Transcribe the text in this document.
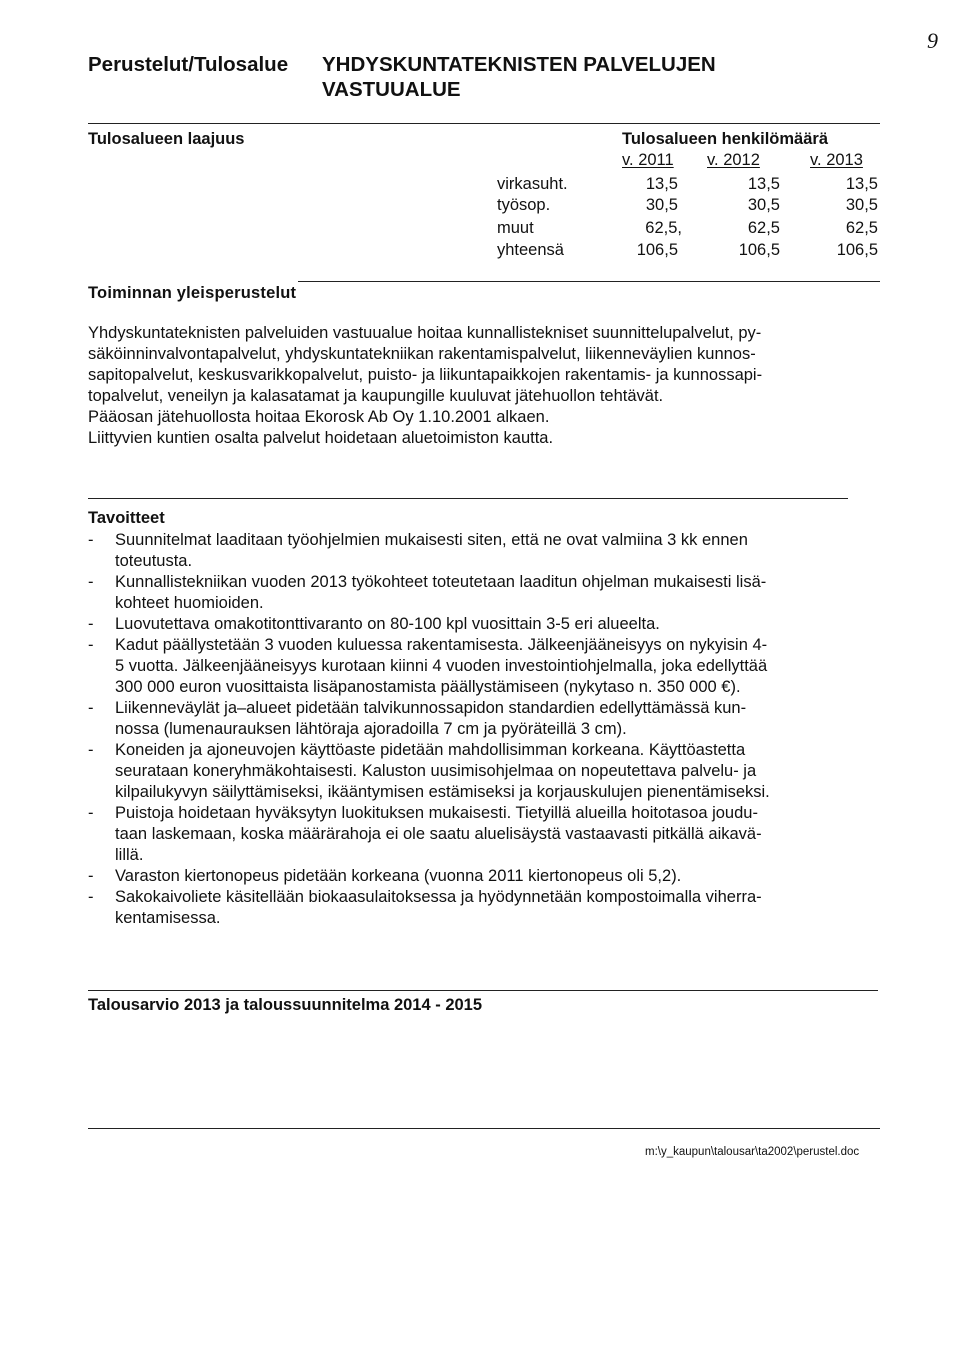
9
Perustelut/Tulosalue YHDYSKUNTATEKNISTEN PALVELUJEN
VASTUUALUE
Tulosalueen laajuus	Tulosalueen henkilömäärä
v. 2011 v. 2012	v. 2013
virkasuht.	13,5	13,5	13,5
työsop.	30,5	30,5	30,5
muut	62,5,	62,5	62,5
yhteensä	106,5	106,5	106,5
Toiminnan yleisperustelut
Yhdyskuntateknisten palveluiden vastuualue hoitaa kunnallistekniset suunnittelupalvelut, py-
säköinninvalvontapalvelut, yhdyskuntatekniikan rakentamispalvelut, liikenneväylien kunnos-
sapitopalvelut, keskusvarikkopalvelut, puisto- ja liikuntapaikkojen rakentamis- ja kunnossapi-
topalvelut, veneilyn ja kalasatamat ja kaupungille kuuluvat jätehuollon tehtävät.
Pääosan jätehuollosta hoitaa Ekorosk Ab Oy 1.10.2001 alkaen.
Liittyvien kuntien osalta palvelut hoidetaan aluetoimiston kautta.
Tavoitteet
-	Suunnitelmat laaditaan työohjelmien mukaisesti siten, että ne ovat valmiina 3 kk ennen
toteutusta.
-	Kunnallistekniikan vuoden 2013 työkohteet toteutetaan laaditun ohjelman mukaisesti lisä-
kohteet huomioiden.
-	Luovutettava omakotitonttivaranto on 80-100 kpl vuosittain 3-5 eri alueelta.
-	Kadut päällystetään 3 vuoden kuluessa rakentamisesta. Jälkeenjääneisyys on nykyisin 4-
5 vuotta. Jälkeenjääneisyys kurotaan kiinni 4 vuoden investointiohjelmalla, joka edellyttää
300 000 euron vuosittaista lisäpanostamista päällystämiseen (nykytaso n. 350 000 €).
-	Liikenneväylät ja–alueet pidetään talvikunnossapidon standardien edellyttämässä kun-
nossa (lumenaurauksen lähtöraja ajoradoilla 7 cm ja pyöräteillä 3 cm).
-	Koneiden ja ajoneuvojen käyttöaste pidetään mahdollisimman korkeana. Käyttöastetta
seurataan koneryhmäkohtaisesti. Kaluston uusimisohjelmaa on nopeutettava palvelu- ja
kilpailukyvyn säilyttämiseksi, ikääntymisen estämiseksi ja korjauskulujen pienentämiseksi.
-	Puistoja hoidetaan hyväksytyn luokituksen mukaisesti. Tietyillä alueilla hoitotasoa joudu-
taan laskemaan, koska määrärahoja ei ole saatu aluelisäystä vastaavasti pitkällä aikavä-
lillä.
-	Varaston kiertonopeus pidetään korkeana (vuonna 2011 kiertonopeus oli 5,2).
-	Sakokaivoliete käsitellään biokaasulaitoksessa ja hyödynnetään kompostoimalla viherra-
kentamisessa.
Talousarvio 2013 ja taloussuunnitelma 2014 - 2015
m:\y_kaupun\talousar\ta2002\perustel.doc
